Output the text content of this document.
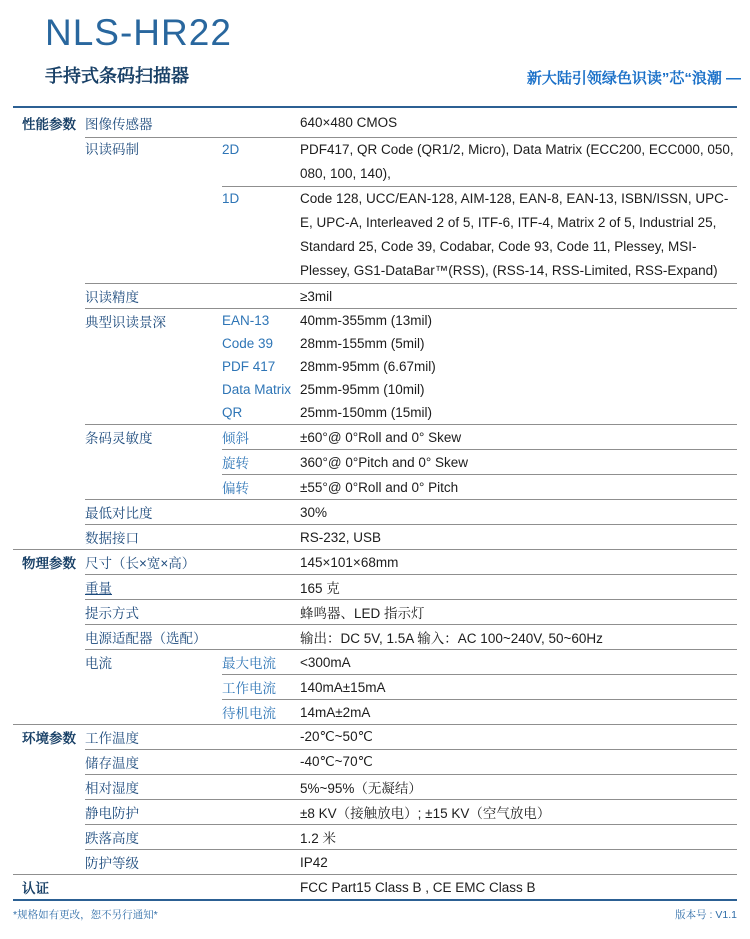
NLS-HR22
手持式条码扫描器	新大陆引领绿色识读”芯“浪潮 —
性能参数 图像传感器	640×480 CMOS
识读码制	2D	PDF417, QR Code (QR1/2, Micro), Data Matrix (ECC200, ECC000, 050, 080, 100, 140),
1D	Code 128, UCC/EAN-128, AIM-128, EAN-8, EAN-13, ISBN/ISSN, UPC-E, UPC-A, Interleaved 2 of 5, ITF-6, ITF-4, Matrix 2 of 5, Industrial 25, Standard 25, Code 39, Codabar, Code 93, Code 11, Plessey, MSI-Plessey, GS1-DataBar™(RSS), (RSS-14, RSS-Limited, RSS-Expand)
识读精度	≥3mil
典型识读景深	EAN-13	40mm-355mm (13mil)
Code 39	28mm-155mm (5mil)
PDF 417	28mm-95mm (6.67mil)
Data Matrix 25mm-95mm (10mil)
QR	25mm-150mm (15mil)
条码灵敏度	倾斜	±60°@ 0°Roll and 0° Skew
旋转	360°@ 0°Pitch and 0° Skew
偏转	±55°@ 0°Roll and 0° Pitch
最低对比度	30%
数据接口	RS-232, USB
物理参数 尺寸（长×宽×高）	145×101×68mm
重量	165 克
提示方式	蜂鸣器、LED 指示灯
电源适配器（选配）	输出：DC 5V, 1.5A 输入：AC 100~240V, 50~60Hz
电流	最大电流	<300mA
工作电流	140mA±15mA
待机电流	14mA±2mA
环境参数 工作温度	-20℃~50℃
储存温度	-40℃~70℃
相对湿度	5%~95%（无凝结）
静电防护	±8 KV（接触放电）; ±15 KV（空气放电）
跌落高度	1.2 米
防护等级	IP42
认证	FCC Part15 Class B , CE EMC Class B
*规格如有更改，恕不另行通知*	版本号 : V1.1
